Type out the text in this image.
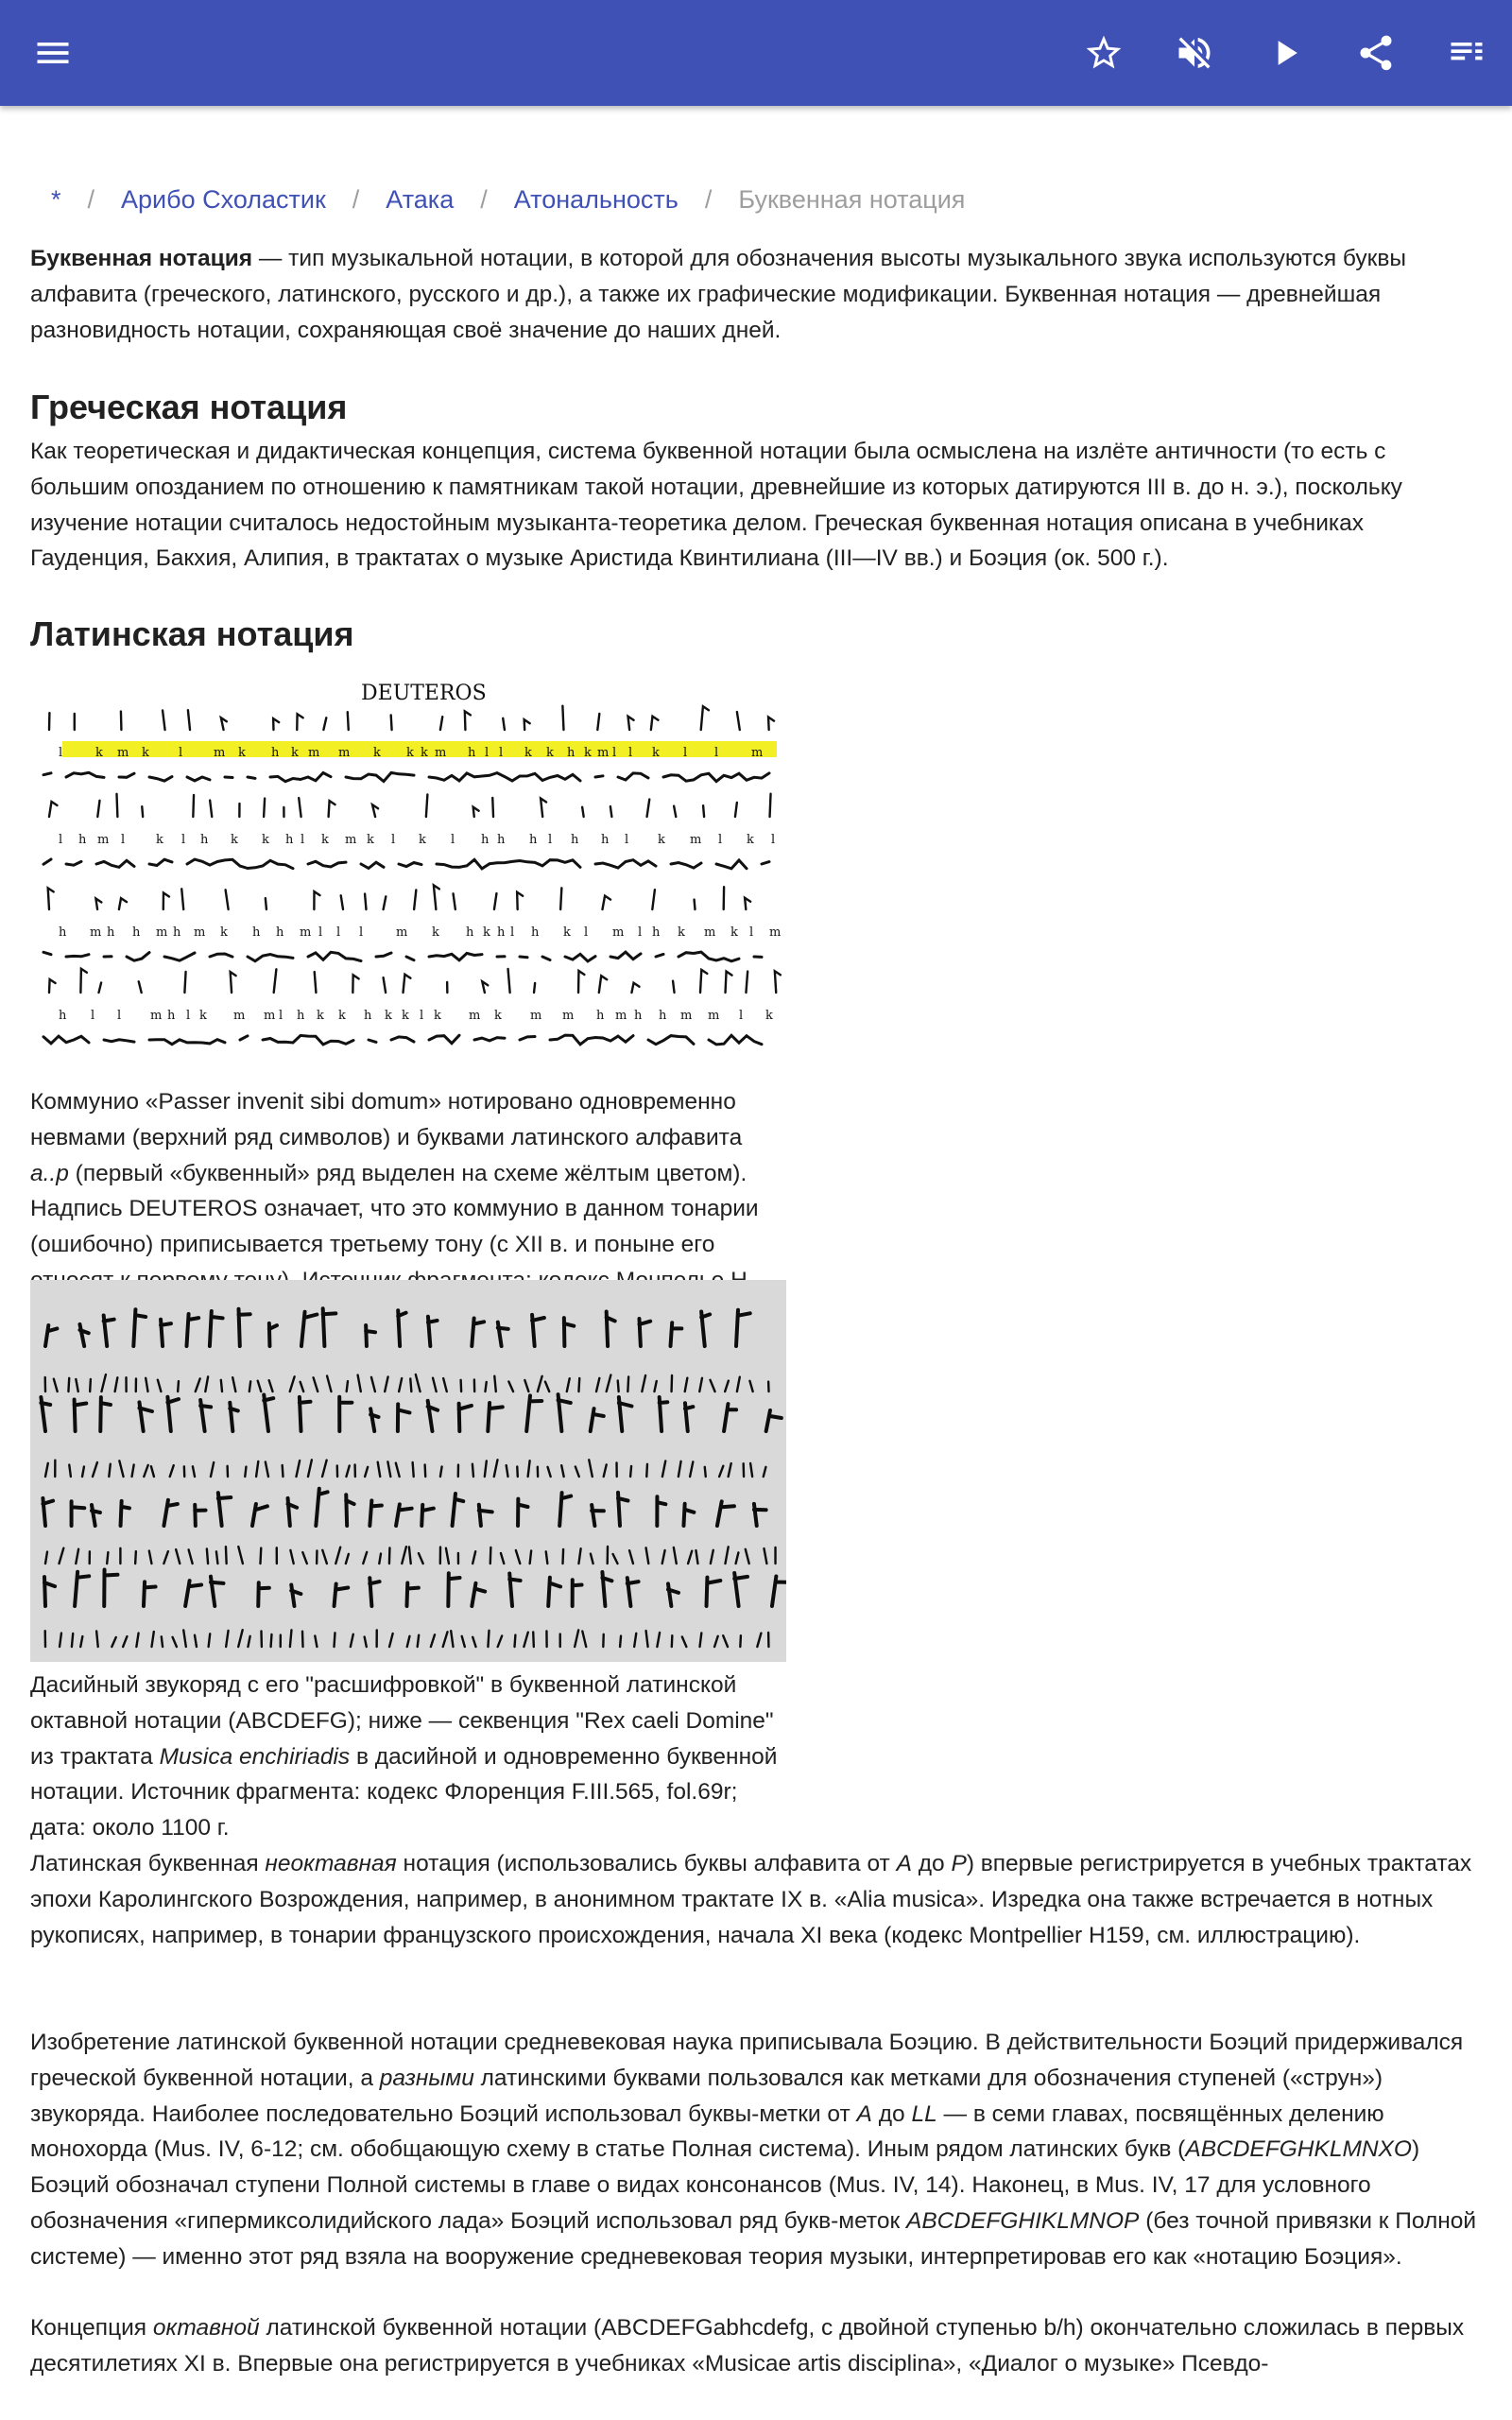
* / Арибо Схоластик / Атака / Атональность / Буквенная нотация

Буквенная нотация — тип музыкальной нотации, в которой для обозначения высоты музыкального звука используются буквы алфавита (греческого, латинского, русского и др.), а также их графические модификации. Буквенная нотация — древнейшая разновидность нотации, сохраняющая своё значение до наших дней.

Греческая нотация

Как теоретическая и дидактическая концепция, система буквенной нотации была осмыслена на излёте античности (то есть с большим опозданием по отношению к памятникам такой нотации, древнейшие из которых датируются III в. до н. э.), поскольку изучение нотации считалось недостойным музыканта-теоретика делом. Греческая буквенная нотация описана в учебниках Гауденция, Бакхия, Алипия, в трактатах о музыке Аристида Квинтилиана (III—IV вв.) и Боэция (ок. 500 г.).

Латинская нотация
DEUTEROS
l	k m k l	m k h k m m k k k m h l l k k h k m l l k l l	m
l h m l	k l h k k h l k m k l k l h h h l h h l k m l k l
h m h h m h m k h h m l l l	m k h k h l h k l m l h k m k l m
h l l m h l k m m l h k k h k k l k m k m m h m h h m m l k

Коммунио «Passer invenit sibi domum» нотировано одновременно невмами (верхний ряд символов) и буквами латинского алфавита a..p (первый «буквенный» ряд выделен на схеме жёлтым цветом). Надпись DEUTEROS означает, что это коммунио в данном тонарии (ошибочно) приписывается третьему тону (с XII в. и поныне его

Дасийный звукоряд с его "расшифровкой" в буквенной латинской октавной нотации (ABCDEFG); ниже — секвенция "Rex caeli Domine" из трактата Musica enchiriadis в дасийной и одновременно буквенной нотации. Источник фрагмента: кодекс Флоренция F.III.565, fol.69r; дата: около 1100 г.

Латинская буквенная неоктавная нотация (использовались буквы алфавита от A до P) впервые регистрируется в учебных трактатах эпохи Каролингского Возрождения, например, в анонимном трактате IX в. «Alia musica». Изредка она также встречается в нотных рукописях, например, в тонарии французского происхождения, начала XI века (кодекс Montpellier H159, см. иллюстрацию).

Изобретение латинской буквенной нотации средневековая наука приписывала Боэцию. В действительности Боэций придерживался греческой буквенной нотации, а разными латинскими буквами пользовался как метками для обозначения ступеней («струн») звукоряда. Наиболее последовательно Боэций использовал буквы-метки от A до LL — в семи главах, посвящённых делению монохорда (Mus. IV, 6-12; см. обобщающую схему в статье Полная система). Иным рядом латинских букв (ABCDEFGHKLMNXO) Боэций обозначал ступени Полной системы в главе о видах консонансов (Mus. IV, 14). Наконец, в Mus. IV, 17 для условного обозначения «гипермиксолидийского лада» Боэций использовал ряд букв-меток ABCDEFGHIKLMNOP (без точной привязки к Полной системе) — именно этот ряд взяла на вооружение средневековая теория музыки, интерпретировав его как «нотацию Боэция».

Концепция октавной латинской буквенной нотации (ABCDEFGabhcdefg, с двойной ступенью b/h) окончательно сложилась в первых десятилетиях XI в. Впервые она регистрируется в учебниках «Musicae artis disciplina», «Диалог о музыке» Псевдо-
